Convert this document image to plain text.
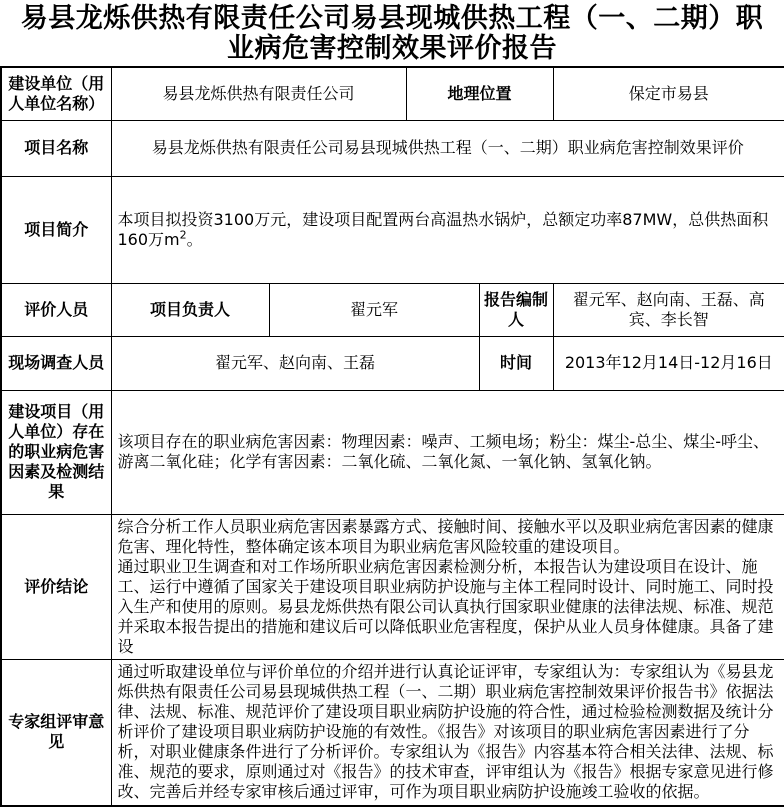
易县龙烁供热有限责任公司易县现城供热工程（一、二期）职业病危害控制效果评价报告
建设单位（用人单位名称）	易县龙烁供热有限责任公司		地理位置		保定市易县
项目名称	易县龙烁供热有限责任公司易县现城供热工程（一、二期）职业病危害控制效果评价				
项目简介	本项目拟投资3100万元，建设项目配置两台高温热水锅炉，总额定功率87MW，总供热面积160万$m^2$。				
评价人员	项目负责人	翟元军		报告编制人	翟元军、赵向南、王磊、高宾、李长智
现场调查人员	翟元军、赵向南、王磊			时间	2013年12月14日-12月16日
建设项目（用人单位）存在的职业病危害因素及检测结果	该项目存在的职业病危害因素：物理因素：噪声、工频电场；粉尘：煤尘-总尘、煤尘-呼尘、游离二氧化硅；化学有害因素：二氧化硫、二氧化氮、一氧化钠、氢氧化钠。				
评价结论	综合分析工作人员职业病危害因素暴露方式、接触时间、接触水平以及职业病危害因素的健康危害、理化特性，整体确定该本项目为职业病危害风险较重的建设项目。
通过职业卫生调查和对工作场所职业病危害因素检测分析，本报告认为建设项目在设计、施工、运行中遵循了国家关于建设项目职业病防护设施与主体工程同时设计、同时施工、同时投入生产和使用的原则。易县龙烁供热有限公司认真执行国家职业健康的法律法规、标准、规范并采取本报告提出的措施和建议后可以降低职业危害程度，保护从业人员身体健康。具备了建设				

专家组评审意见	通过听取建设单位与评价单位的介绍并进行认真论证评审，专家组认为：专家组认为《易县龙烁供热有限责任公司易县现城供热工程（一、二期）职业病危害控制效果评价报告书》依据法律、法规、标准、规范评价了建设项目职业病防护设施的符合性，通过检验检测数据及统计分析评价了建设项目职业病防护设施的有效性。《报告》对该项目的职业病危害因素进行了分析，对职业健康条件进行了分析评价。专家组认为《报告》内容基本符合相关法律、法规、标准、规范的要求，原则通过对《报告》的技术审查，评审组认为《报告》根据专家意见进行修改、完善后并经专家审核后通过评审，可作为项目职业病防护设施竣工验收的依据。				
